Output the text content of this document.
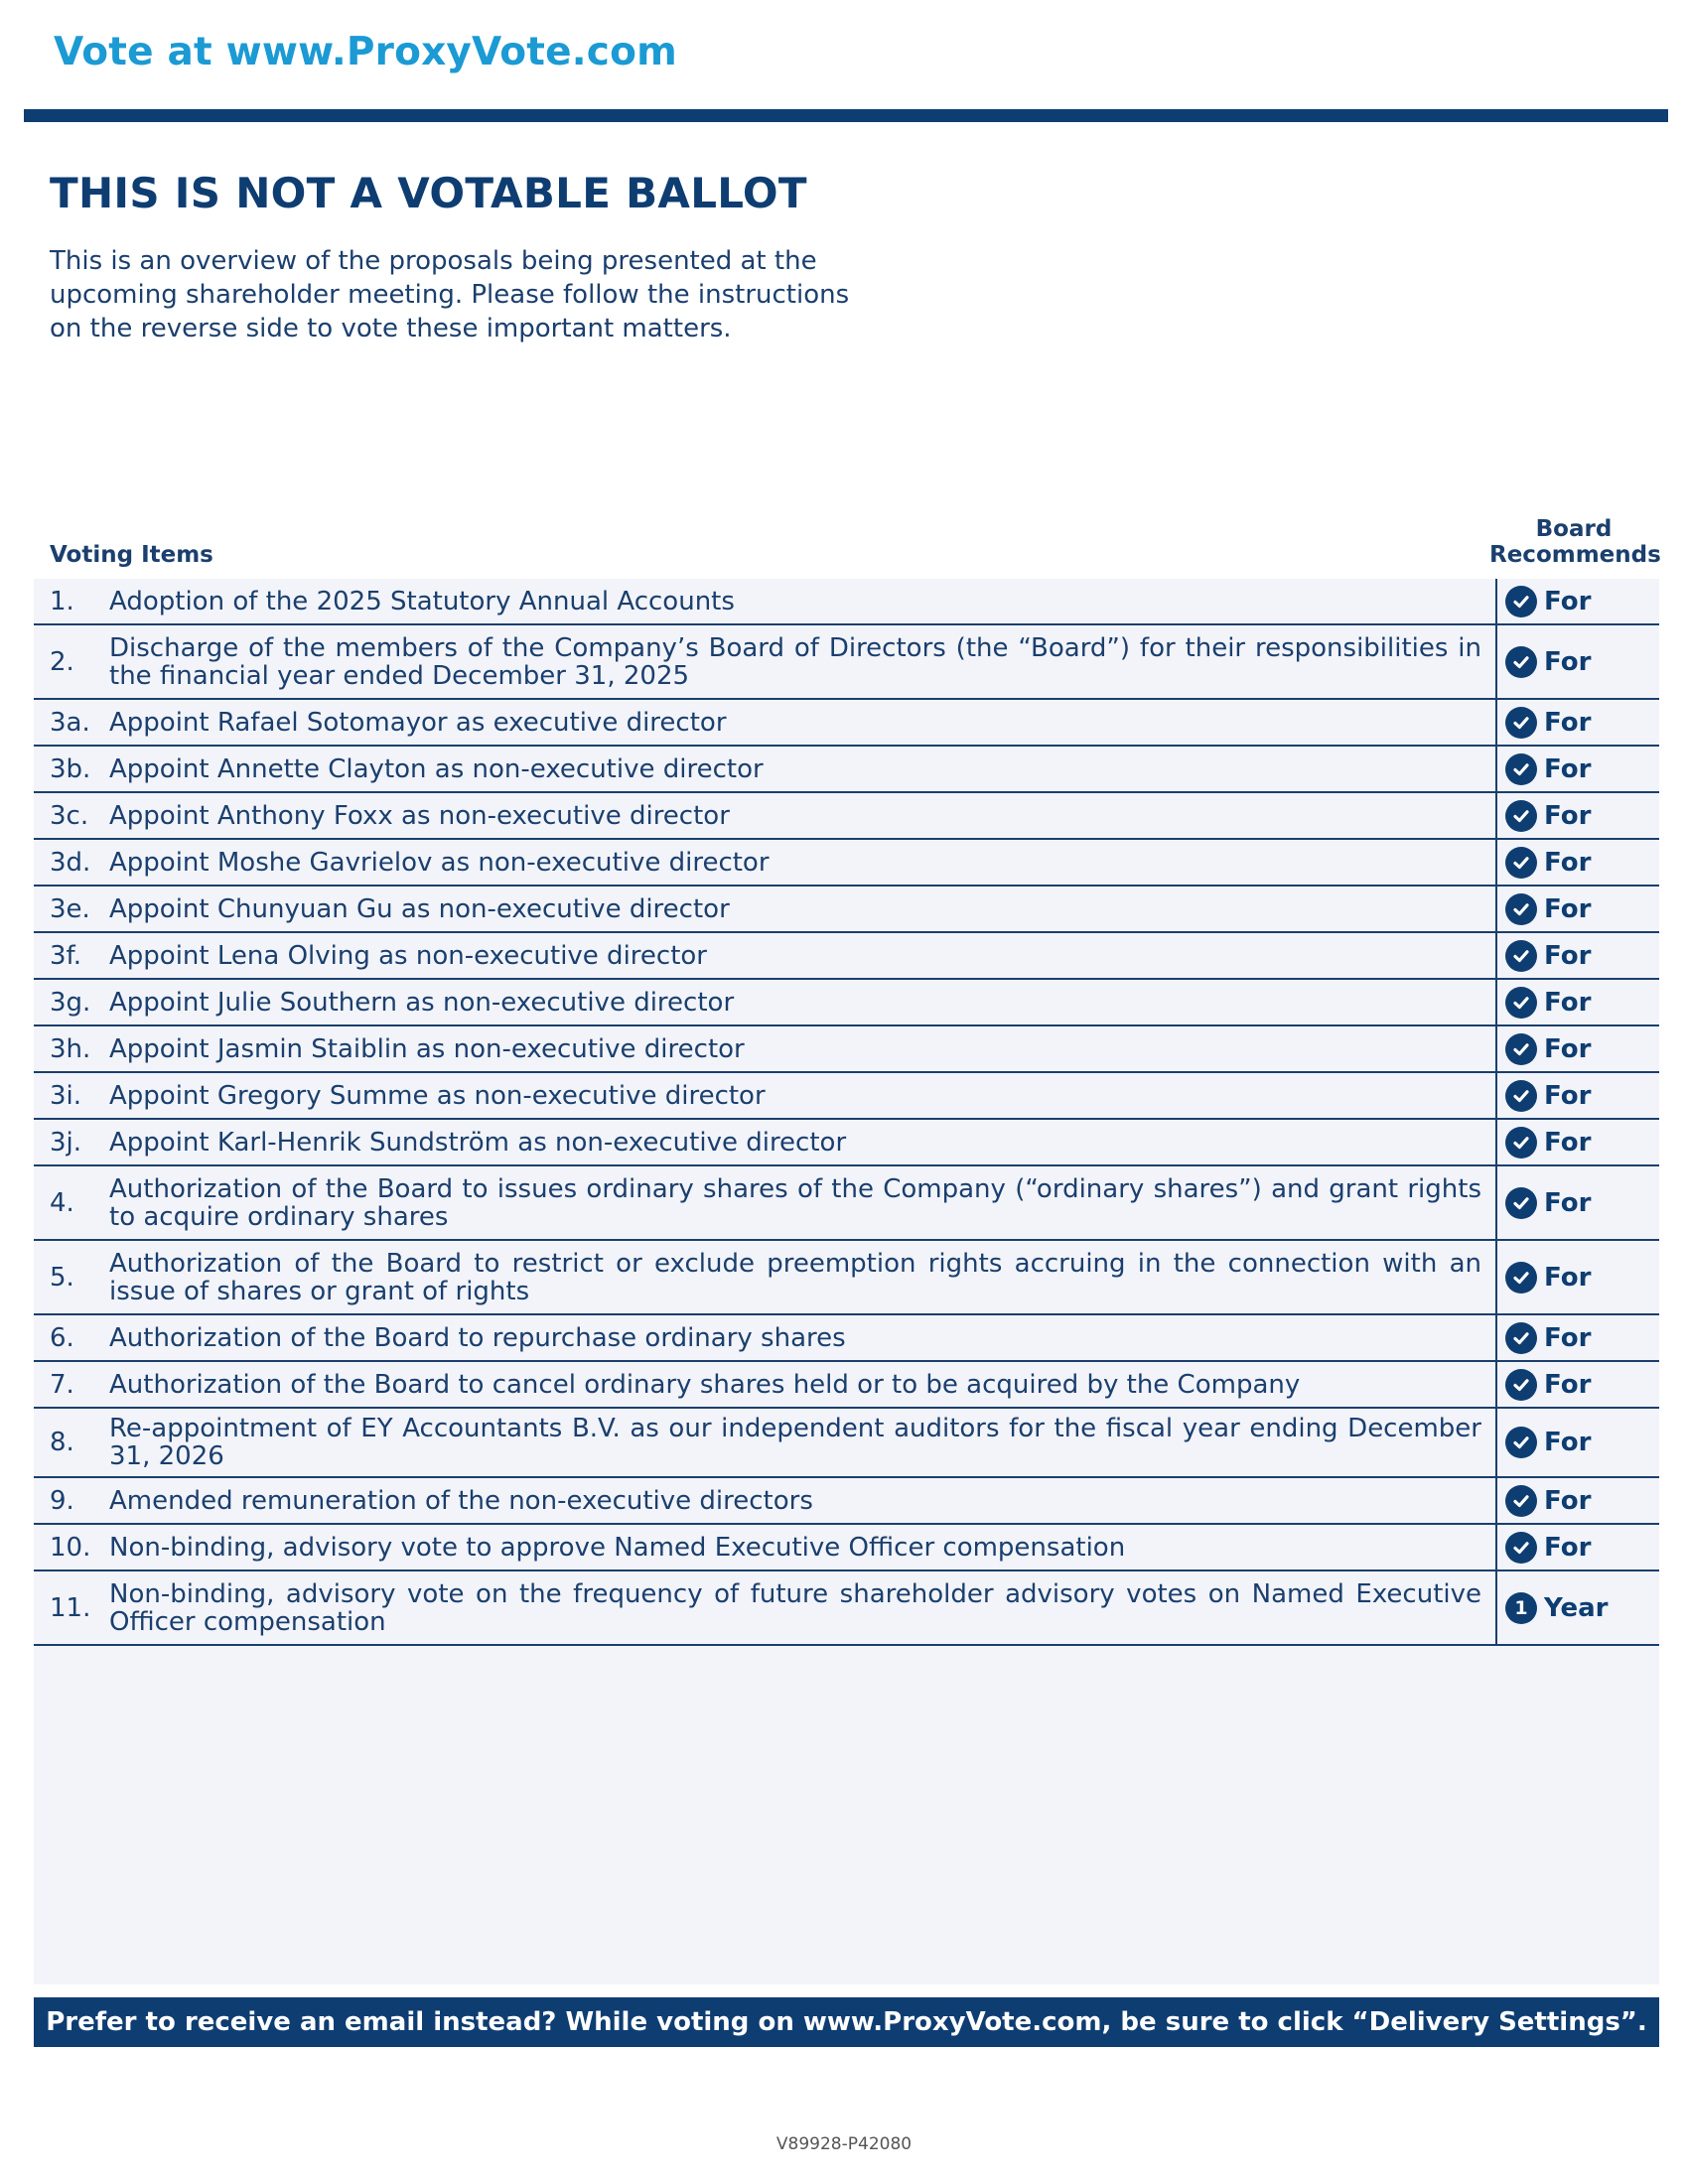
Vote at www.ProxyVote.com
THIS IS NOT A VOTABLE BALLOT
This is an overview of the proposals being presented at the upcoming shareholder meeting. Please follow the instructions on the reverse side to vote these important matters.
Voting Items
Board
Recommends
1.	Adoption of the 2025 Statutory Annual Accounts	For

2.	Discharge of the members of the Company’s Board of Directors (the “Board”) for their responsibilities in the financial year ended December 31, 2025	For

3a.	Appoint Rafael Sotomayor as executive director	For

3b.	Appoint Annette Clayton as non-executive director	For

3c.	Appoint Anthony Foxx as non-executive director	For

3d.	Appoint Moshe Gavrielov as non-executive director	For

3e.	Appoint Chunyuan Gu as non-executive director	For

3f.	Appoint Lena Olving as non-executive director	For

3g.	Appoint Julie Southern as non-executive director	For

3h.	Appoint Jasmin Staiblin as non-executive director	For

3i.	Appoint Gregory Summe as non-executive director	For

3j.	Appoint Karl-Henrik Sundström as non-executive director	For

4.	Authorization of the Board to issues ordinary shares of the Company (“ordinary shares”) and grant rights to acquire ordinary shares	For

5.	Authorization of the Board to restrict or exclude preemption rights accruing in the connection with an issue of shares or grant of rights	For

6.	Authorization of the Board to repurchase ordinary shares	For

7.	Authorization of the Board to cancel ordinary shares held or to be acquired by the Company	For

8.	Re-appointment of EY Accountants B.V. as our independent auditors for the fiscal year ending December 31, 2026	For

9.	Amended remuneration of the non-executive directors	For

10.	Non-binding, advisory vote to approve Named Executive Officer compensation	For

11.	Non-binding, advisory vote on the frequency of future shareholder advisory votes on Named Executive Officer compensation	1 Year
Prefer to receive an email instead? While voting on www.ProxyVote.com, be sure to click “Delivery Settings”.
V89928-P42080
